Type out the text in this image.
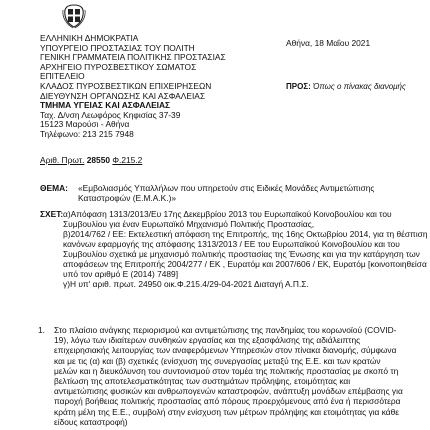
ΕΛΛΗΝΙΚΗ ΔΗΜΟΚΡΑΤΙΑ
ΥΠΟΥΡΓΕΙΟ ΠΡΟΣΤΑΣΙΑΣ ΤΟΥ ΠΟΛΙΤΗ
ΓΕΝΙΚΗ ΓΡΑΜΜΑΤΕΙΑ ΠΟΛΙΤΙΚΗΣ ΠΡΟΣΤΑΣΙΑΣ
ΑΡΧΗΓΕΙΟ ΠΥΡΟΣΒΕΣΤΙΚΟΥ ΣΩΜΑΤΟΣ
ΕΠΙΤΕΛΕΙΟ
ΚΛΑΔΟΣ ΠΥΡΟΣΒΕΣΤΙΚΩΝ ΕΠΙΧΕΙΡΗΣΕΩΝ
ΔΙΕΥΘΥΝΣΗ ΟΡΓΑΝΩΣΗΣ ΚΑΙ ΑΣΦΑΛΕΙΑΣ
ΤΜΗΜΑ ΥΓΕΙΑΣ ΚΑΙ ΑΣΦΑΛΕΙΑΣ
Ταχ. Δ/νση Λεωφόρος Κηφισίας 37-39
15123 Μαρούσι - Αθήνα
Τηλέφωνο: 213 215 7948
Αθήνα, 18 Μαΐου 2021
ΠΡΟΣ: Όπως ο πίνακας διανομής
Αριθ. Πρωτ. 28550 Φ.215.2
ΘΕΜΑ: «Εμβολιασμός Υπαλλήλων που υπηρετούν στις Ειδικές Μονάδες Αντιμετώπισης Καταστροφών (Ε.Μ.Α.Κ.)»
ΣΧΕΤ: α)Απόφαση 1313/2013/Ευ 17ης Δεκεμβρίου 2013 του Ευρωπαϊκού Κοινοβουλίου και του Συμβουλίου για έναν Ευρωπαϊκό Μηχανισμό Πολιτικής Προστασίας,
β)2014/762 / ΕΕ: Εκτελεστική απόφαση της Επιτροπής, της 16ης Οκτωβρίου 2014, για τη θέσπιση κανόνων εφαρμογής της απόφασης 1313/2013 / ΕΕ του Ευρωπαϊκού Κοινοβουλίου και του Συμβουλίου σχετικά με μηχανισμό πολιτικής προστασίας της Ένωσης και για την κατάργηση των αποφάσεων της Επιτροπής 2004/277 / ΕΚ , Ευρατόμ και 2007/606 / ΕΚ, Ευρατόμ [κοινοποιηθείσα υπό τον αριθμό Ε (2014) 7489]
γ)Η υπ' αριθ. πρωτ. 24950 οικ.Φ.215.4/29-04-2021 Διαταγή Α.Π.Σ.
1. Στο πλαίσιο ανάγκης περιορισμού και αντιμετώπισης της πανδημίας του κορωνοϊού (COVID-19), λόγω των ιδιαίτερων συνθηκών εργασίας και της εξασφάλισης της αδιάλειπτης επιχειρησιακής λειτουργίας των αναφερόμενων Υπηρεσιών στον πίνακα διανομής, σύμφωνα και με τις (α) και (β) σχετικές (ενίσχυση της συνεργασίας μεταξύ της Ε.Ε. και των κρατών μελών και η διευκόλυνση του συντονισμού στον τομέα της πολιτικής προστασίας με σκοπό τη βελτίωση της αποτελεσματικότητας των συστημάτων πρόληψης, ετοιμότητας και αντιμετώπισης φυσικών και ανθρωπογενών καταστροφών, ανάπτυξη μονάδων επέμβασης για παροχή βοήθειας πολιτικής προστασίας από πόρους προερχόμενους από ένα ή περισσότερα κράτη μέλη της Ε.Ε., συμβολή στην ενίσχυση των μέτρων πρόληψης και ετοιμότητας για κάθε είδους καταστροφή)
